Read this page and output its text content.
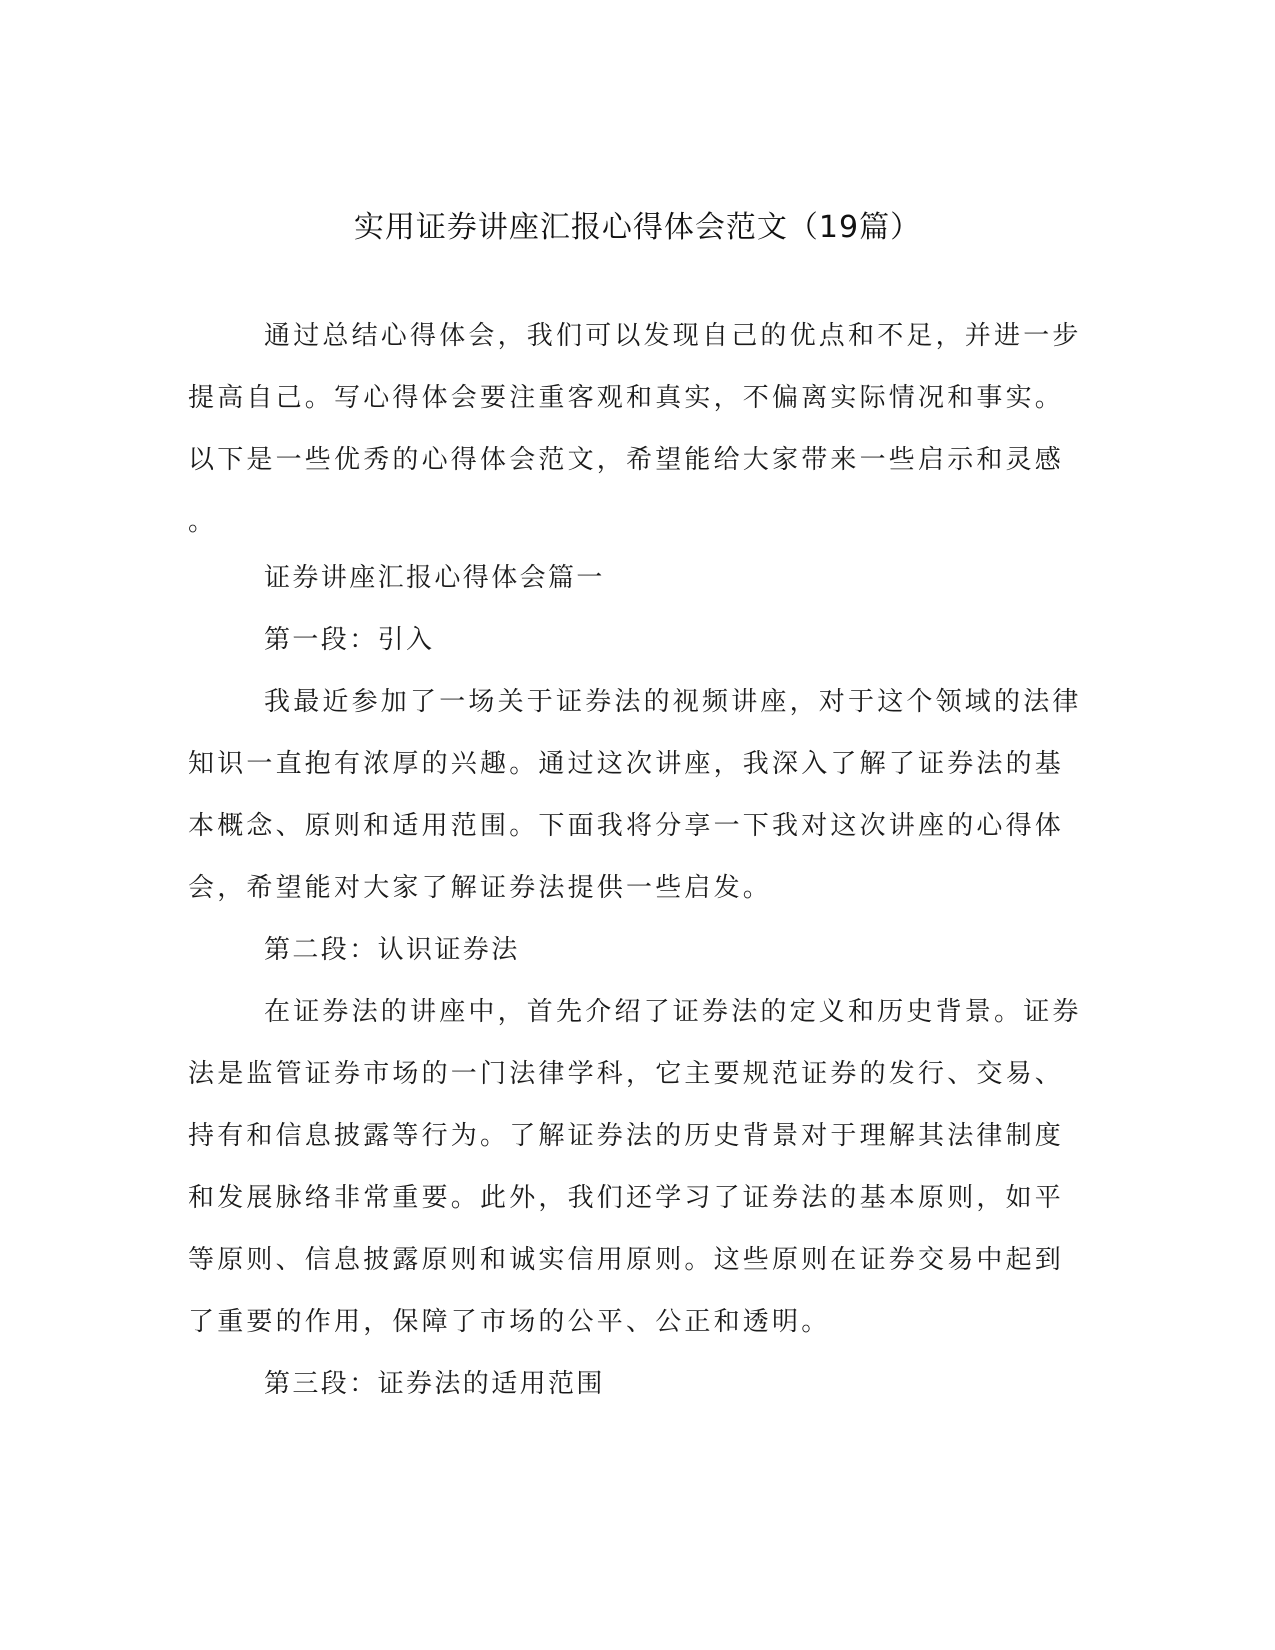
实用证券讲座汇报心得体会范文（19篇）
通过总结心得体会，我们可以发现自己的优点和不足，并进一步
提高自己。写心得体会要注重客观和真实，不偏离实际情况和事实。
以下是一些优秀的心得体会范文，希望能给大家带来一些启示和灵感
。
证券讲座汇报心得体会篇一
第一段：引入
我最近参加了一场关于证券法的视频讲座，对于这个领域的法律
知识一直抱有浓厚的兴趣。通过这次讲座，我深入了解了证券法的基
本概念、原则和适用范围。下面我将分享一下我对这次讲座的心得体
会，希望能对大家了解证券法提供一些启发。
第二段：认识证券法
在证券法的讲座中，首先介绍了证券法的定义和历史背景。证券
法是监管证券市场的一门法律学科，它主要规范证券的发行、交易、
持有和信息披露等行为。了解证券法的历史背景对于理解其法律制度
和发展脉络非常重要。此外，我们还学习了证券法的基本原则，如平
等原则、信息披露原则和诚实信用原则。这些原则在证券交易中起到
了重要的作用，保障了市场的公平、公正和透明。
第三段：证券法的适用范围
